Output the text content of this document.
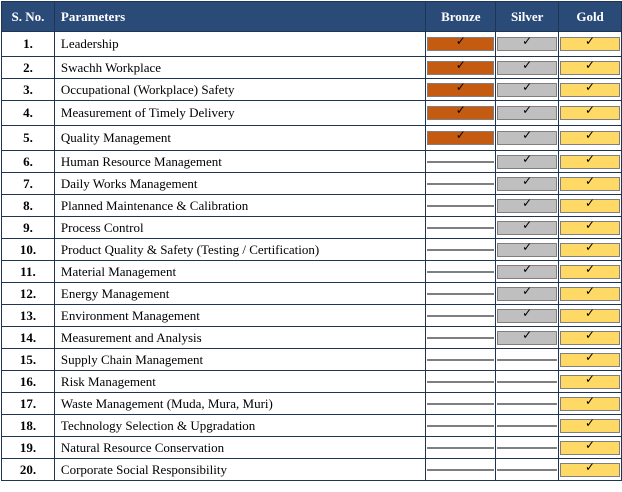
S. No.	Parameters	Bronze	Silver	Gold
1.	Leadership	✓	✓	✓

2.	Swachh Workplace	✓	✓	✓

3.	Occupational (Workplace) Safety	✓	✓	✓

4.	Measurement of Timely Delivery	✓	✓	✓

5.	Quality Management	✓	✓	✓

6.	Human Resource Management		✓	✓

7.	Daily Works Management		✓	✓

8.	Planned Maintenance & Calibration		✓	✓

9.	Process Control		✓	✓

10.	Product Quality & Safety (Testing / Certification)		✓	✓

11.	Material Management		✓	✓

12.	Energy Management		✓	✓

13.	Environment Management		✓	✓

14.	Measurement and Analysis		✓	✓

15.	Supply Chain Management			✓

16.	Risk Management			✓

17.	Waste Management (Muda, Mura, Muri)			✓

18.	Technology Selection & Upgradation			✓

19.	Natural Resource Conservation			✓

20.	Corporate Social Responsibility			✓
